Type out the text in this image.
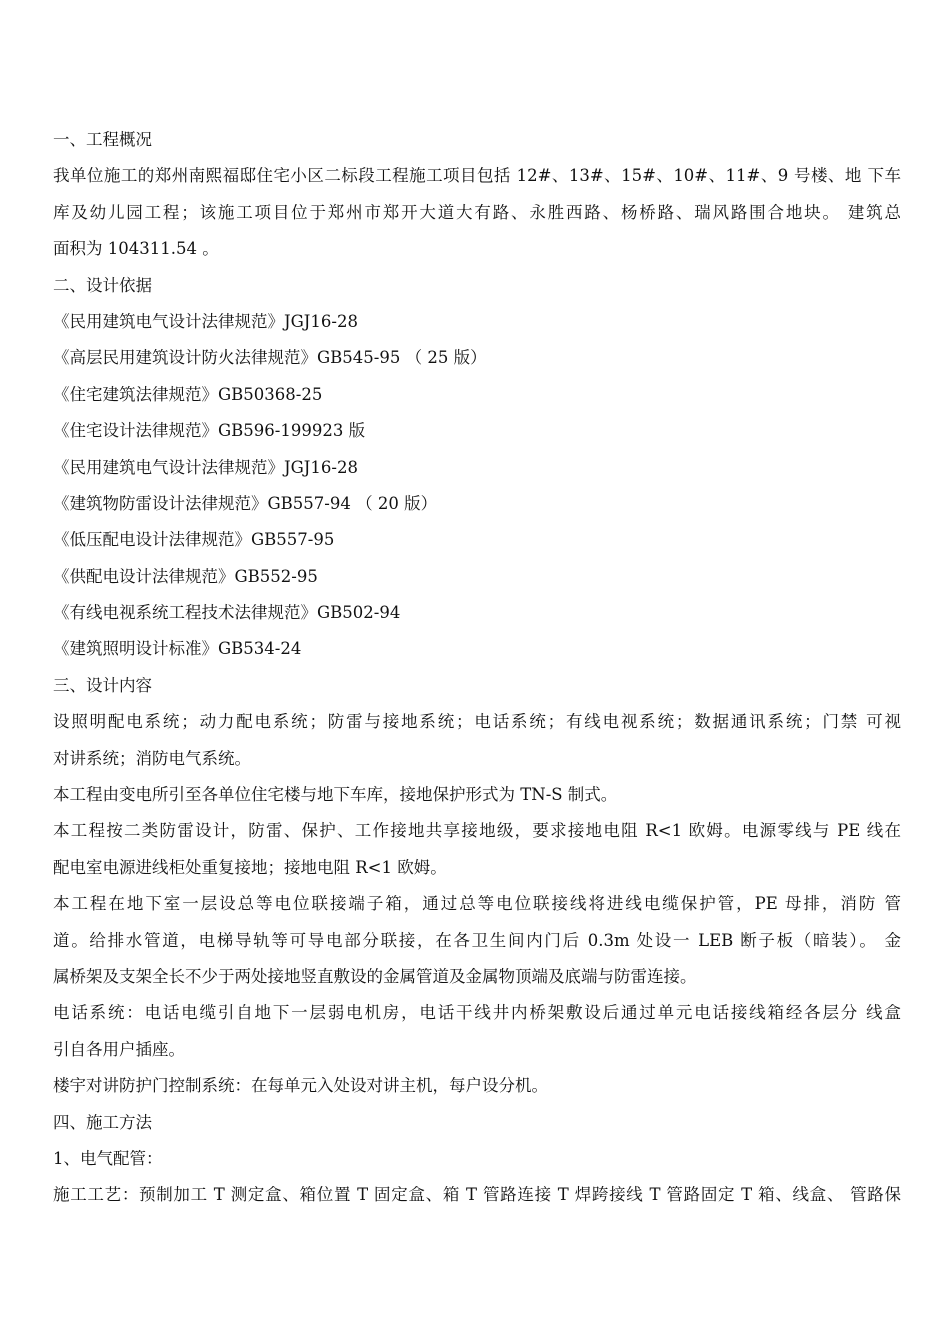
一、工程概况
我单位施工的郑州南熙福邸住宅小区二标段工程施工项目包括 12#、13#、15#、10#、11#、9 号楼、地 下车
库及幼儿园工程；该施工项目位于郑州市郑开大道大有路、永胜西路、杨桥路、瑞风路围合地块。 建筑总
面积为 104311.54 。
二、设计依据
《民用建筑电气设计法律规范》JGJ16-28
《高层民用建筑设计防火法律规范》GB545-95 （ 25 版）
《住宅建筑法律规范》GB50368-25
《住宅设计法律规范》GB596-199923 版
《民用建筑电气设计法律规范》JGJ16-28
《建筑物防雷设计法律规范》GB557-94 （ 20 版）
《低压配电设计法律规范》GB557-95
《供配电设计法律规范》GB552-95
《有线电视系统工程技术法律规范》GB502-94
《建筑照明设计标准》GB534-24
三、设计内容
设照明配电系统；动力配电系统；防雷与接地系统；电话系统；有线电视系统；数据通讯系统；门禁 可视
对讲系统；消防电气系统。
本工程由变电所引至各单位住宅楼与地下车库，接地保护形式为 TN-S 制式。
本工程按二类防雷设计，防雷、保护、工作接地共享接地级，要求接地电阻 R<1 欧姆。电源零线与 PE 线在
配电室电源进线柜处重复接地；接地电阻 R<1 欧姆。
本工程在地下室一层设总等电位联接端子箱，通过总等电位联接线将进线电缆保护管，PE 母排，消防 管
道。给排水管道，电梯导轨等可导电部分联接，在各卫生间内门后 0.3m 处设一 LEB 断子板（暗装）。 金
属桥架及支架全长不少于两处接地竖直敷设的金属管道及金属物顶端及底端与防雷连接。
电话系统：电话电缆引自地下一层弱电机房，电话干线井内桥架敷设后通过单元电话接线箱经各层分 线盒
引自各用户插座。
楼宇对讲防护门控制系统：在每单元入处设对讲主机，每户设分机。
四、施工方法
1、电气配管：
施工工艺：预制加工 T 测定盒、箱位置 T 固定盒、箱 T 管路连接 T 焊跨接线 T 管路固定 T 箱、线盒、 管路保
